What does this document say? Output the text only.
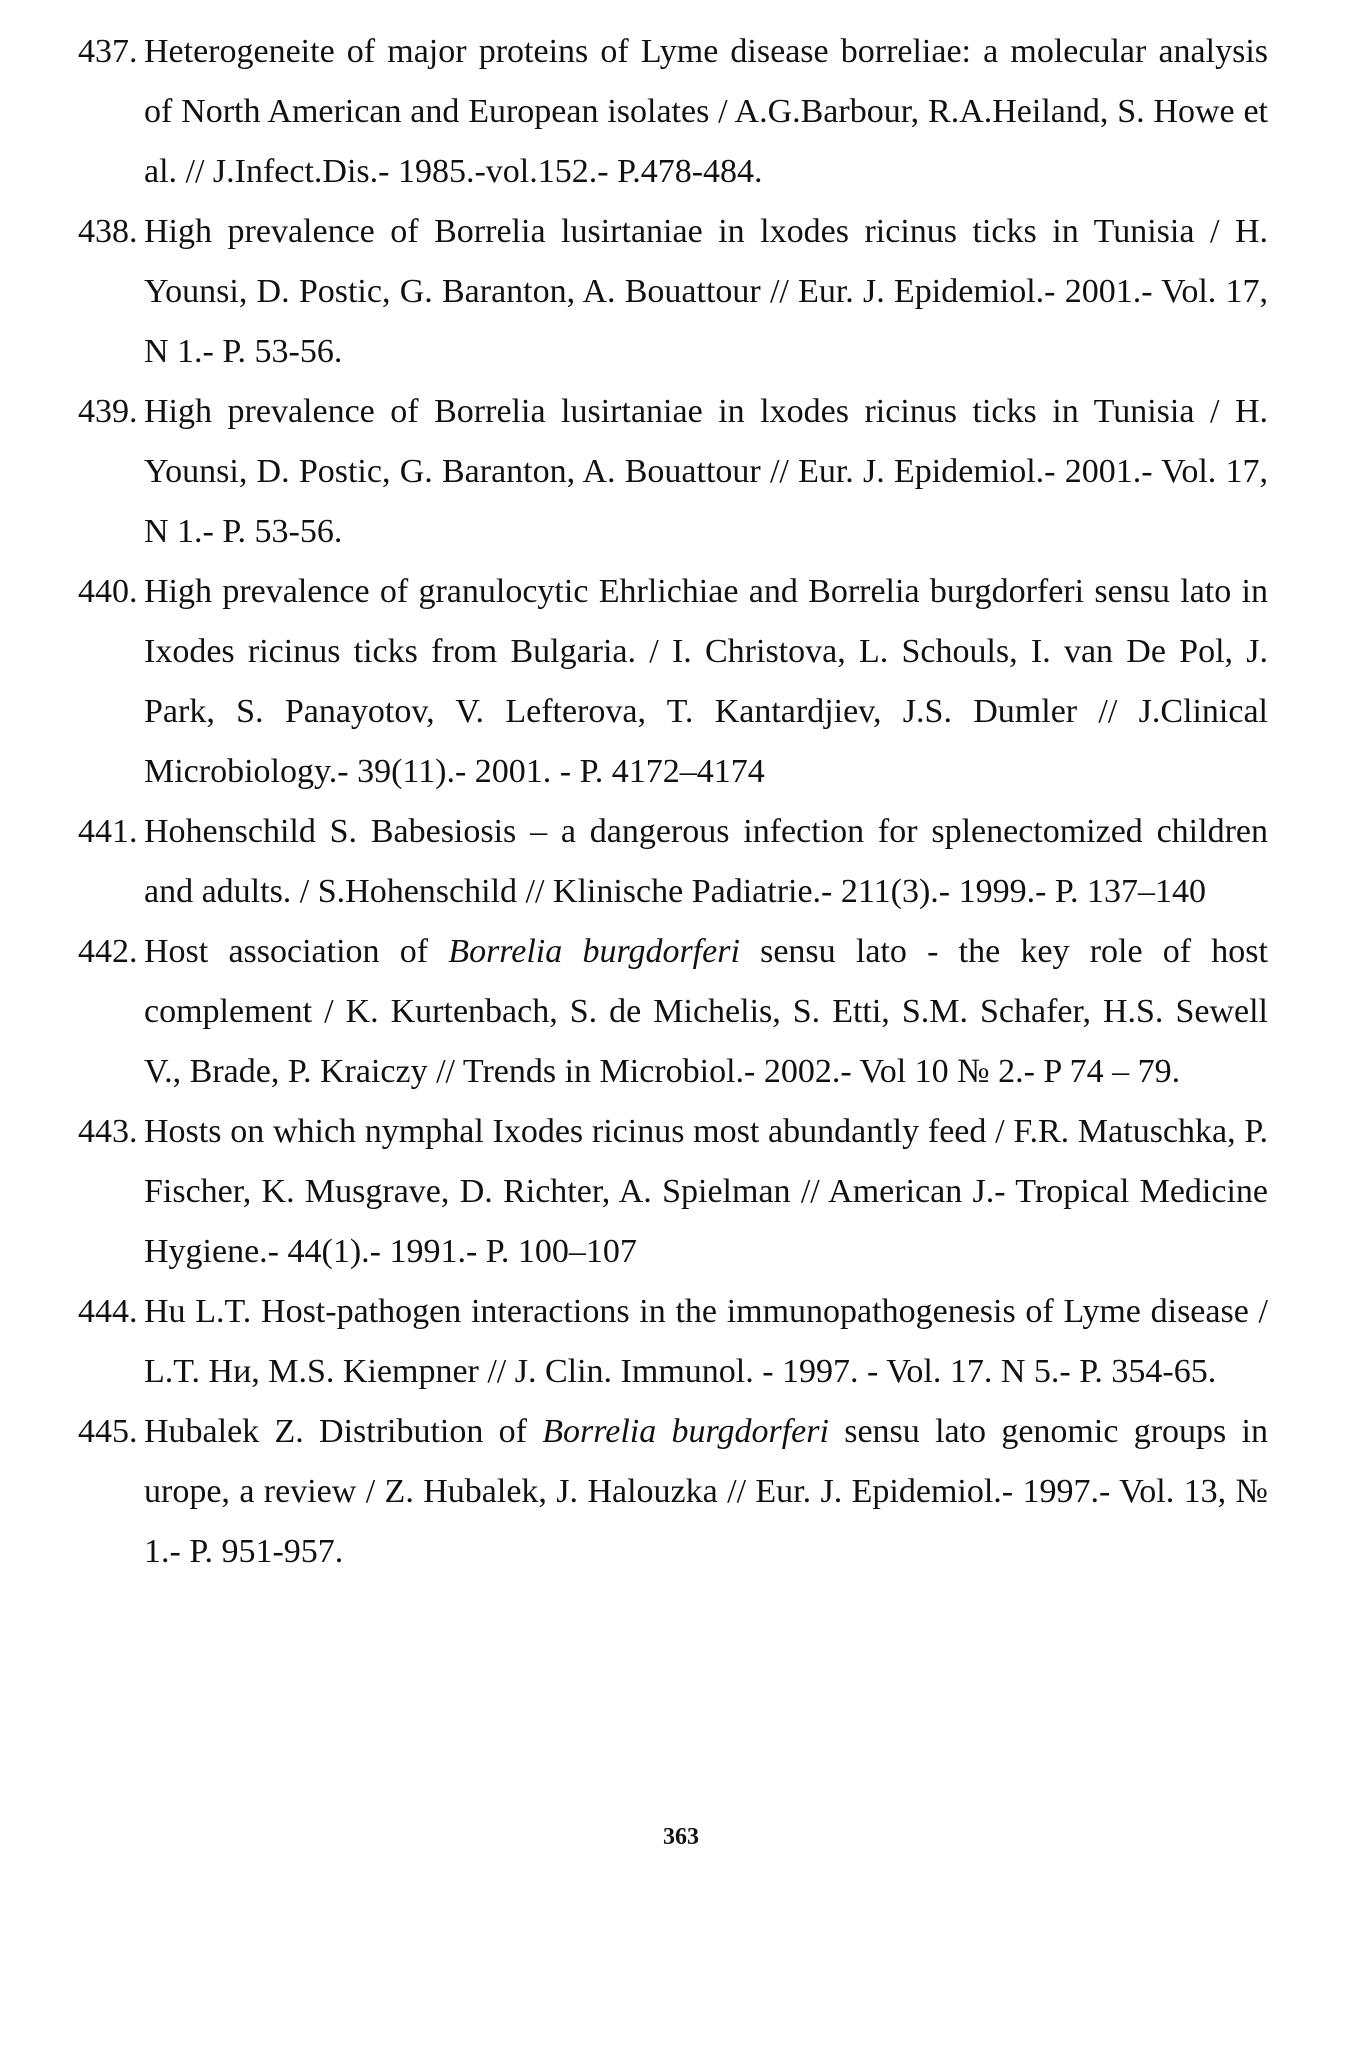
437. Heterogeneite of major proteins of Lyme disease borreliae: a molecular analysis of North American and European isolates / A.G.Barbour, R.A.Heiland, S. Howe et al. // J.Infect.Dis.- 1985.-vol.152.- P.478-484.
438. High prevalence of Borrelia lusirtaniae in lxodes ricinus ticks in Tunisia / H. Younsi, D. Postic, G. Baranton, A. Bouattour // Eur. J. Epidemiol.- 2001.- Vol. 17, N 1.- P. 53-56.
439. High prevalence of Borrelia lusirtaniae in lxodes ricinus ticks in Tunisia / H. Younsi, D. Postic, G. Baranton, A. Bouattour // Eur. J. Epidemiol.- 2001.- Vol. 17, N 1.- P. 53-56.
440. High prevalence of granulocytic Ehrlichiae and Borrelia burgdorferi sensu lato in Ixodes ricinus ticks from Bulgaria. / I. Christova, L. Schouls, I. van De Pol, J. Park, S. Panayotov, V. Lefterova, T. Kantardjiev, J.S. Dumler // J.Clinical Microbiology.- 39(11).- 2001. - P. 4172–4174
441. Hohenschild S. Babesiosis – a dangerous infection for splenectomized children and adults. / S.Hohenschild // Klinische Padiatrie.- 211(3).- 1999.- P. 137–140
442. Host association of Borrelia burgdorferi sensu lato - the key role of host complement / K. Kurtenbach, S. de Michelis, S. Etti, S.M. Schafer, H.S. Sewell V., Brade, P. Kraiczy // Trends in Microbiol.- 2002.- Vol 10 № 2.- P 74 – 79.
443. Hosts on which nymphal Ixodes ricinus most abundantly feed / F.R. Matuschka, P. Fischer, K. Musgrave, D. Richter, A. Spielman // American J.- Tropical Medicine Hygiene.- 44(1).- 1991.- P. 100–107
444. Hu L.T. Host-pathogen interactions in the immunopathogenesis of Lyme disease / L.T. Hи, M.S. Kiempner // J. Clin. Immunol. - 1997. - Vol. 17. N 5.- P. 354-65.
445. Hubalek Z. Distribution of Borrelia burgdorferi sensu lato genomic groups in urope, a review / Z. Hubalek, J. Halouzka // Eur. J. Epidemiol.- 1997.- Vol. 13, № 1.- P. 951-957.
363
